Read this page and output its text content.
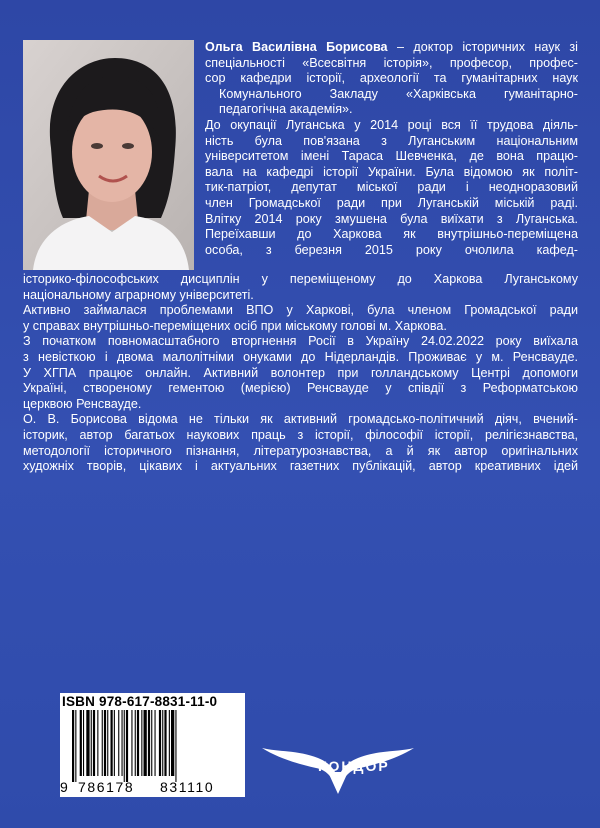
Ольга Василівна Борисова – доктор історичних наук зі
спеціальності «Всесвітня історія», професор, профес-
сор кафедри історії, археології та гуманітарних наук
Комунального Закладу «Харківська гуманітарно-
педагогічна академія».
До окупації Луганська у 2014 році вся її трудова діяль-
ність була пов'язана з Луганським національним
університетом імені Тараса Шевченка, де вона працю-
вала на кафедрі історії України. Була відомою як політ-
тик-патріот, депутат міської ради і неодноразовий
член Громадської ради при Луганській міській раді.
Влітку 2014 року змушена була виїхати з Луганська.
Переїхавши до Харкова як внутрішньо-переміщена
особа, з березня 2015 року очолила кафед-
історико-філософських дисциплін у переміщеному до Харкова Луганському
національному аграрному університеті.
Активно займалася проблемами ВПО у Харкові, була членом Громадської ради
у справах внутрішньо-переміщених осіб при міському голові м. Харкова.
З початком повномасштабного вторгнення Росії в Україну 24.02.2022 року виїхала
з невісткою і двома малолітніми онуками до Нідерландів. Проживає у м. Ренсвауде.
У ХГПА працює онлайн. Активний волонтер при голландському Центрі допомоги
Україні, створеному гементою (мерією) Ренсвауде у співдії з Реформатською
церквою Ренсвауде.
О. В. Борисова відома не тільки як активний громадсько-політичний діяч, вчений-
історик, автор багатьох наукових праць з історії, філософії історії, релігієзнавства,
методології історичного пізнання, літературознавства, а й як автор оригінальних
художніх творів, цікавих і актуальних газетних публікацій, автор креативних ідей
ISBN 978-617-8831-11-0
9 786178 831110
КОНДОР
